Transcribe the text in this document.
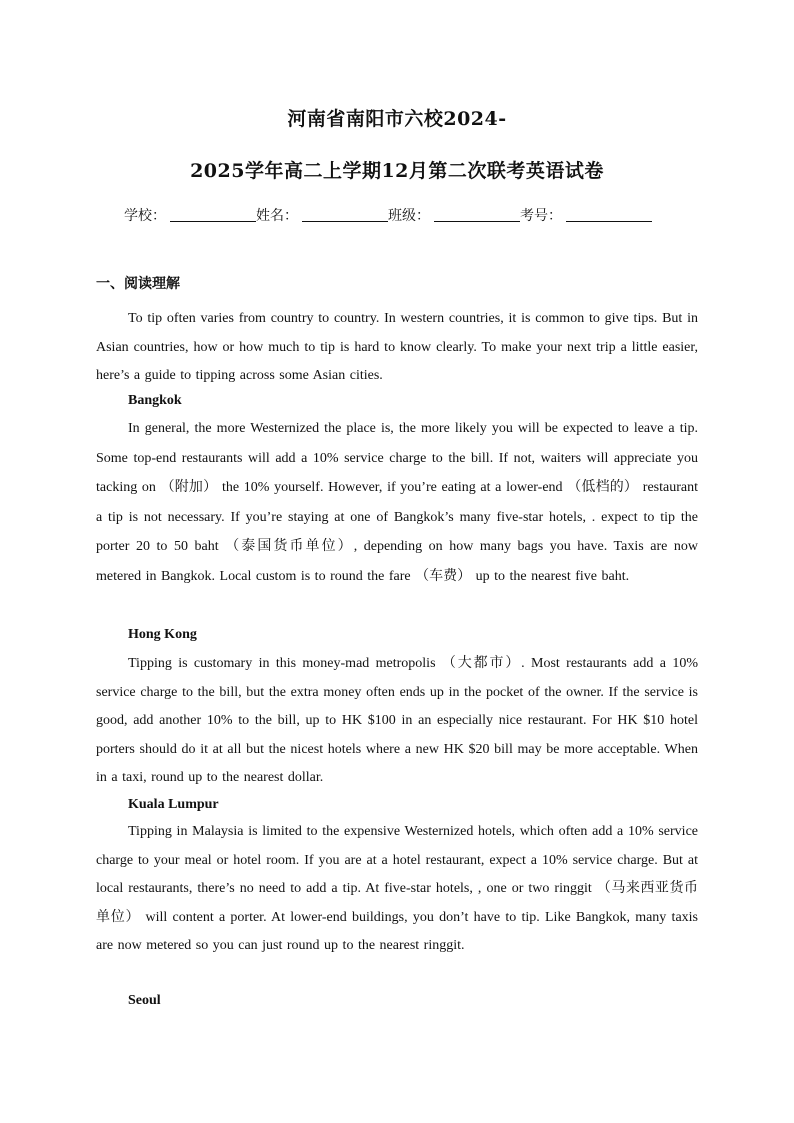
河南省南阳市六校2024-
2025学年高二上学期12月第二次联考英语试卷
学校：	姓名：	班级：	考号：
一、阅读理解

To tip often varies from country to country. In western countries, it is common to give tips. But in Asian countries, how or how much to tip is hard to know clearly. To make your next trip a little easier, here’s a guide to tipping across some Asian cities.

Bangkok

In general, the more Westernized the place is, the more likely you will be expected to leave a tip. Some top-end restaurants will add a 10% service charge to the bill. If not, waiters will appreciate you tacking on （附加） the 10% yourself. However, if you’re eating at a lower-end （低档的） restaurant a tip is not necessary. If you’re staying at one of Bangkok’s many five-star hotels, . expect to tip the porter 20 to 50 baht （泰国货币单位）, depending on how many bags you have. Taxis are now metered in Bangkok. Local custom is to round the fare （车费） up to the nearest five baht.

Hong Kong

Tipping is customary in this money-mad metropolis （大都市）. Most restaurants add a 10% service charge to the bill, but the extra money often ends up in the pocket of the owner. If the service is good, add another 10% to the bill, up to HK $100 in an especially nice restaurant. For HK $10 hotel porters should do it at all but the nicest hotels where a new HK $20 bill may be more acceptable. When in a taxi, round up to the nearest dollar.

Kuala Lumpur

Tipping in Malaysia is limited to the expensive Westernized hotels, which often add a 10% service charge to your meal or hotel room. If you are at a hotel restaurant, expect a 10% service charge. But at local restaurants, there’s no need to add a tip. At five-star hotels, , one or two ringgit （马来西亚货币单位） will content a porter. At lower-end buildings, you don’t have to tip. Like Bangkok, many taxis are now metered so you can just round up to the nearest ringgit.

Seoul
